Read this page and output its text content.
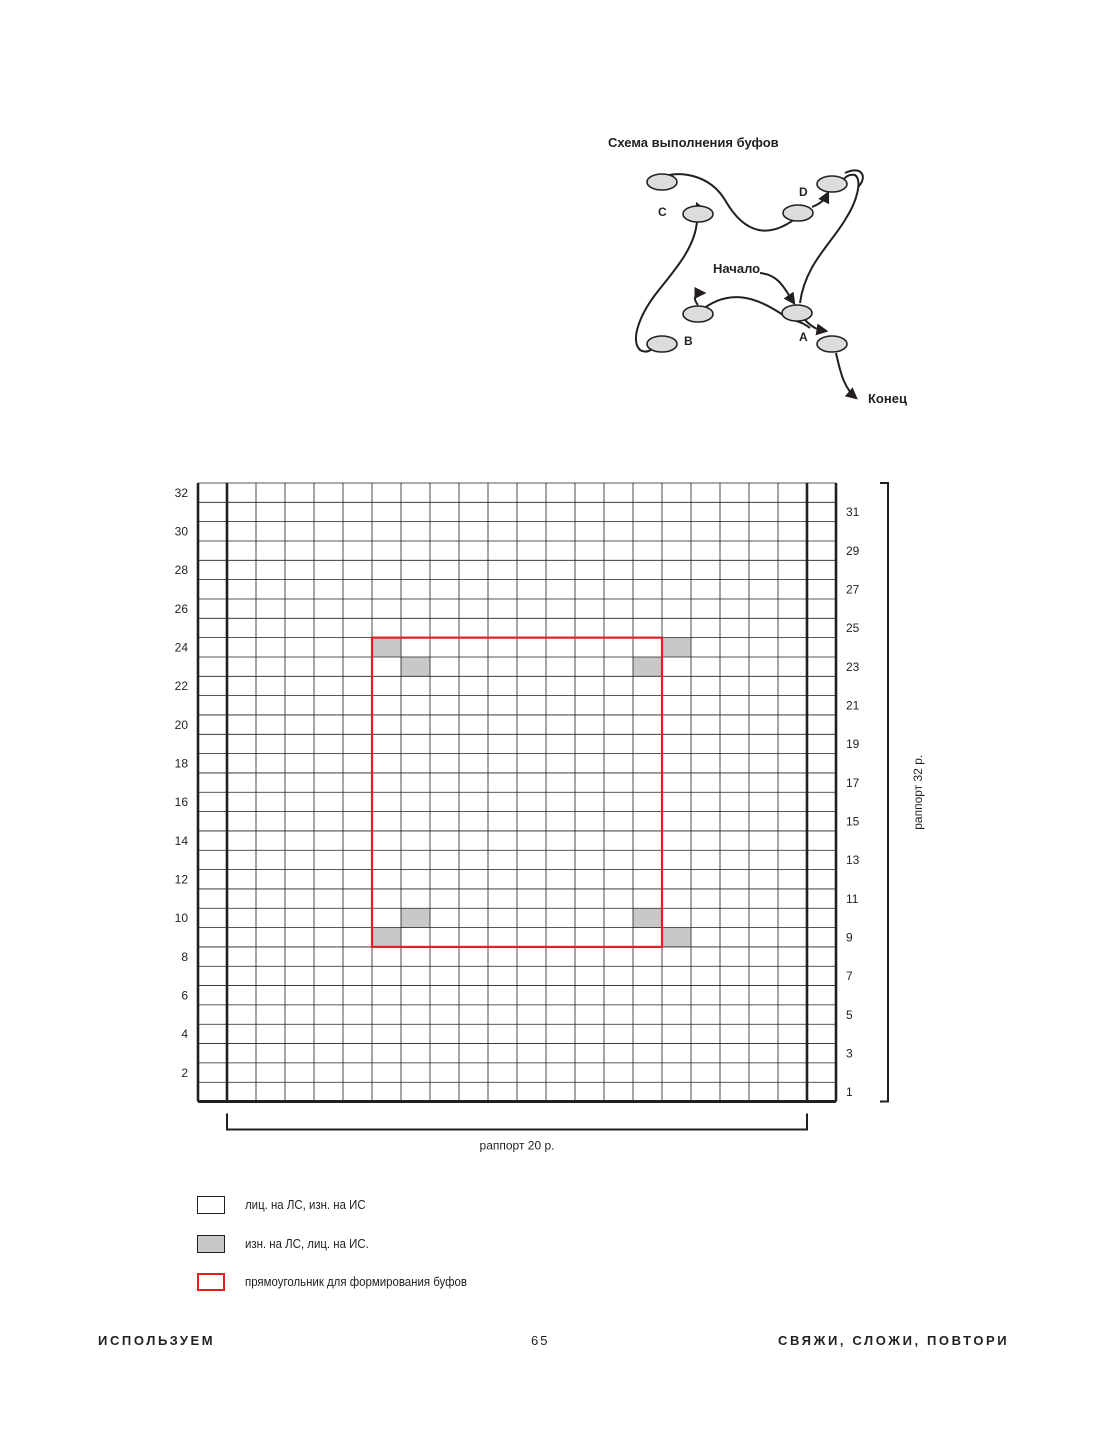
Схема выполнения буфов
C
D
B	A
Начало
Конец
2
4
6
8
10
12
14
16
18
20
22
24
26
28
30
32
1
3
5
7
9
11
13
15
17
19
21
23
25
27
29
31
раппорт 20 р.
раппорт 32 р.
лиц. на ЛС, изн. на ИС
изн. на ЛС, лиц. на ИС.
прямоугольник для формирования буфов
ИСПОЛЬЗУЕМ	65	СВЯЖИ, СЛОЖИ, ПОВТОРИ
